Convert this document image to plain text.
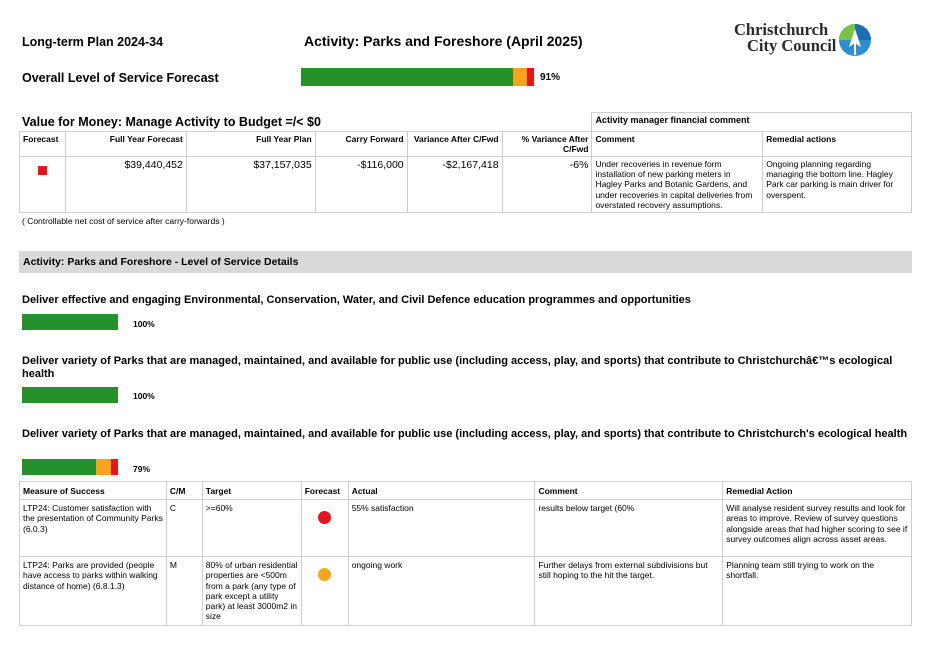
Long-term Plan 2024-34	Activity: Parks and Foreshore (April 2025)
Christchurch
City Council
Overall Level of Service Forecast	91%
Value for Money: Manage Activity to Budget =/< $0
						Activity manager financial comment	
Forecast	Full Year Forecast	Full Year Plan	Carry Forward	Variance After C/Fwd	% Variance After C/Fwd	Comment	Remedial actions
	$39,440,452	$37,157,035	-$116,000	-$2,167,418	-6%	Under recoveries in revenue form installation of new parking meters in Hagley Parks and Botanic Gardens, and under recoveries in capital deliveries from overstated recovery assumptions.	Ongoing planning regarding managing the bottom line. Hagley Park car parking is main driver for overspent.
( Controllable net cost of service after carry-forwards )
Activity: Parks and Foreshore - Level of Service Details
Deliver effective and engaging Environmental, Conservation, Water, and Civil Defence education programmes and opportunities
100%
Deliver variety of Parks that are managed, maintained, and available for public use (including access, play, and sports) that contribute to Christchurchâ€™s ecological health
100%
Deliver variety of Parks that are managed, maintained, and available for public use (including access, play, and sports) that contribute to Christchurch's ecological health
79%
Measure of Success	C/M	Target	Forecast	Actual	Comment	Remedial Action
LTP24: Customer satisfaction with the presentation of Community Parks (6.0.3)	C	>=60%		55% satisfaction	results below target (60%	Will analyse resident survey results and look for areas to improve. Review of survey questions alongside areas that had higher scoring to see if survey outcomes align across asset areas.
LTP24: Parks are provided (people have access to parks within walking distance of home) (6.8.1.3)	M	80% of urban residential properties are <500m from a park (any type of park except a utility park) at least 3000m2 in size		ongoing work	Further delays from external subdivisions but still hoping to the hit the target.	Planning team still trying to work on the shortfall.
